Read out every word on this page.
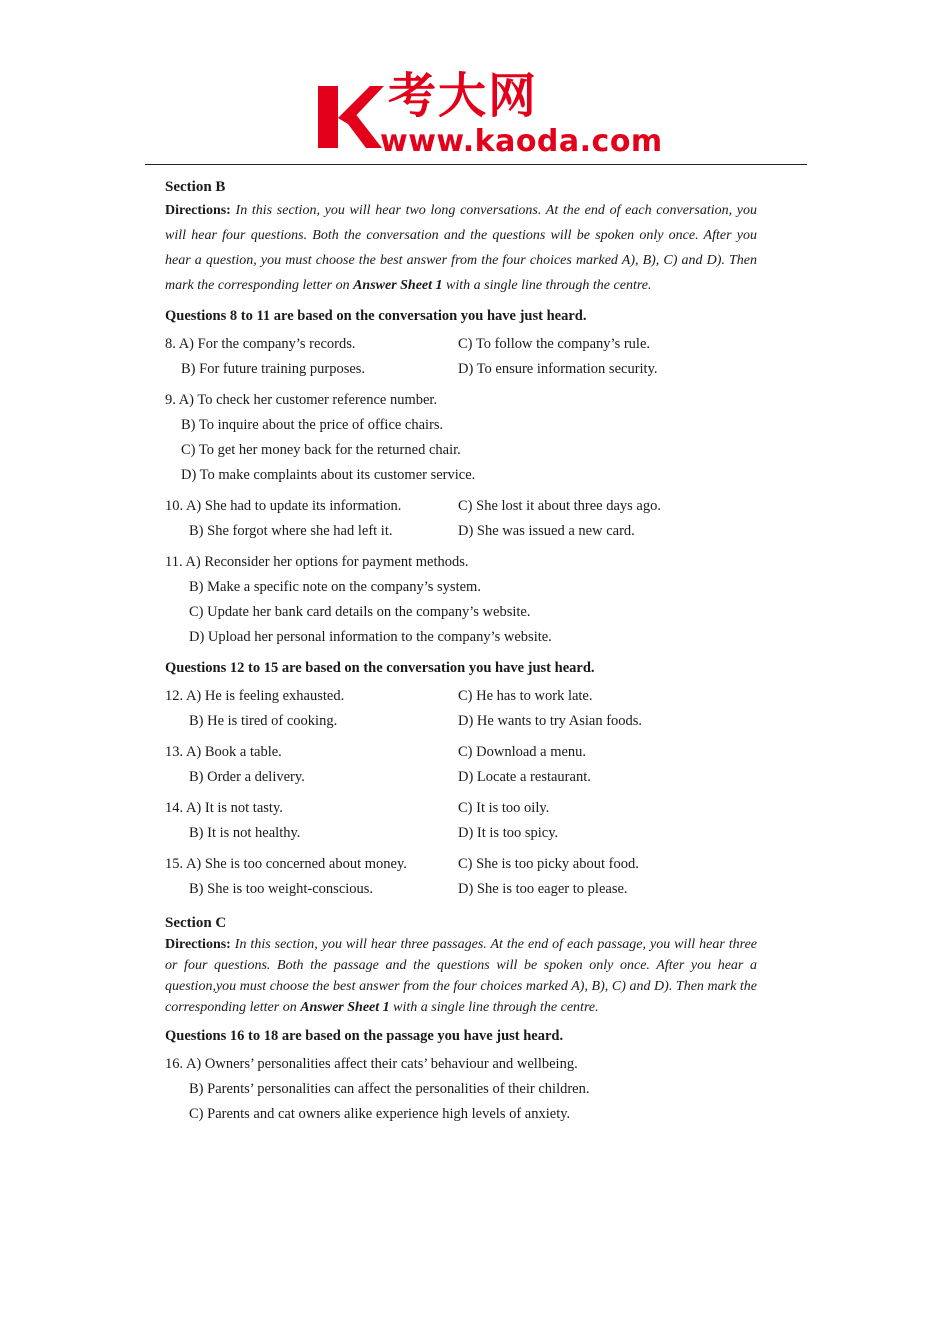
考大网
www.kaoda.com

Section B

Directions: In this section, you will hear two long conversations. At the end of each conversation, you will hear four questions. Both the conversation and the questions will be spoken only once. After you hear a question, you must choose the best answer from the four choices marked A), B), C) and D). Then mark the corresponding letter on Answer Sheet 1 with a single line through the centre.

Questions 8 to 11 are based on the conversation you have just heard.

8. A) For the company’s records.	C) To follow the company’s rule.
B) For future training purposes.	D) To ensure information security.
9. A) To check her customer reference number.
B) To inquire about the price of office chairs.
C) To get her money back for the returned chair.
D) To make complaints about its customer service.
10. A) She had to update its information.	C) She lost it about three days ago.
B) She forgot where she had left it.	D) She was issued a new card.
11. A) Reconsider her options for payment methods.
B) Make a specific note on the company’s system.
C) Update her bank card details on the company’s website.
D) Upload her personal information to the company’s website.

Questions 12 to 15 are based on the conversation you have just heard.

12. A) He is feeling exhausted.	C) He has to work late.
B) He is tired of cooking.	D) He wants to try Asian foods.
13. A) Book a table.	C) Download a menu.
B) Order a delivery.	D) Locate a restaurant.
14. A) It is not tasty.	C) It is too oily.
B) It is not healthy.	D) It is too spicy.
15. A) She is too concerned about money.	C) She is too picky about food.
B) She is too weight-conscious.	D) She is too eager to please.

Section C

Directions: In this section, you will hear three passages. At the end of each passage, you will hear three or four questions. Both the passage and the questions will be spoken only once. After you hear a question,you must choose the best answer from the four choices marked A), B), C) and D). Then mark the corresponding letter on Answer Sheet 1 with a single line through the centre.

Questions 16 to 18 are based on the passage you have just heard.

16. A) Owners’ personalities affect their cats’ behaviour and wellbeing.
B) Parents’ personalities can affect the personalities of their children.
C) Parents and cat owners alike experience high levels of anxiety.
